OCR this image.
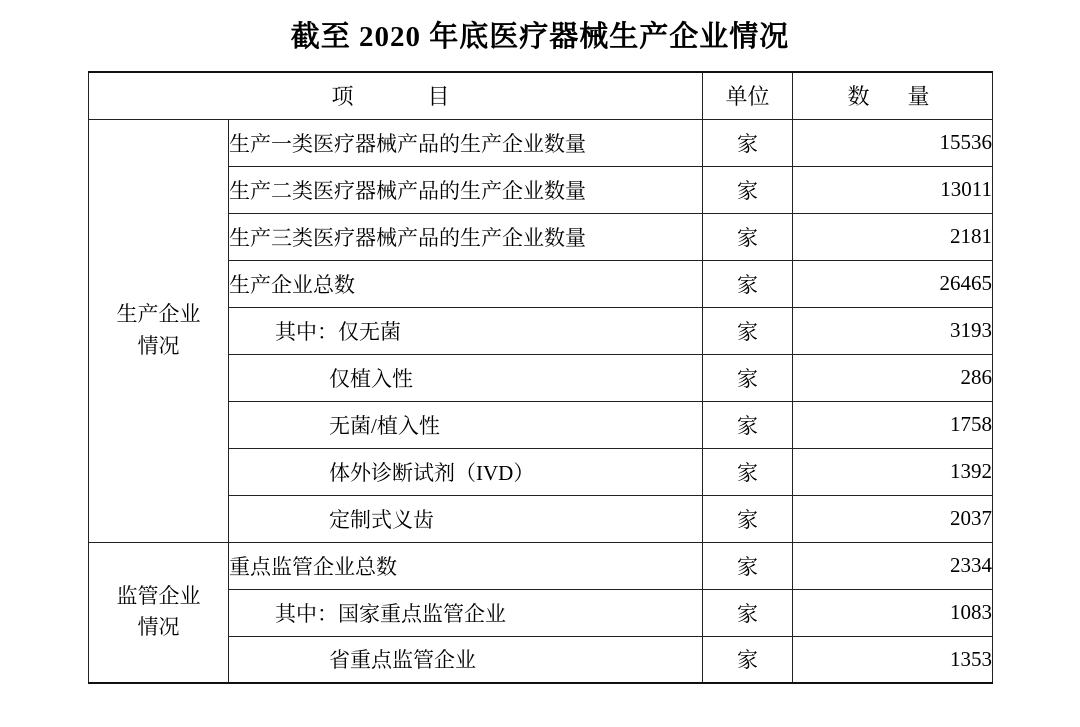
截至 2020 年底医疗器械生产企业情况
项　　目		单位	数　量

生产企业
情况	生产一类医疗器械产品的生产企业数量	家	15536
	生产二类医疗器械产品的生产企业数量	家	13011
	生产三类医疗器械产品的生产企业数量	家	2181
	生产企业总数	家	26465
	其中：仅无菌	家	3193
	仅植入性	家	286
	无菌/植入性	家	1758
	体外诊断试剂（IVD）	家	1392
	定制式义齿	家	2037

监管企业
情况	重点监管企业总数	家	2334
	其中：国家重点监管企业	家	1083
	省重点监管企业	家	1353
